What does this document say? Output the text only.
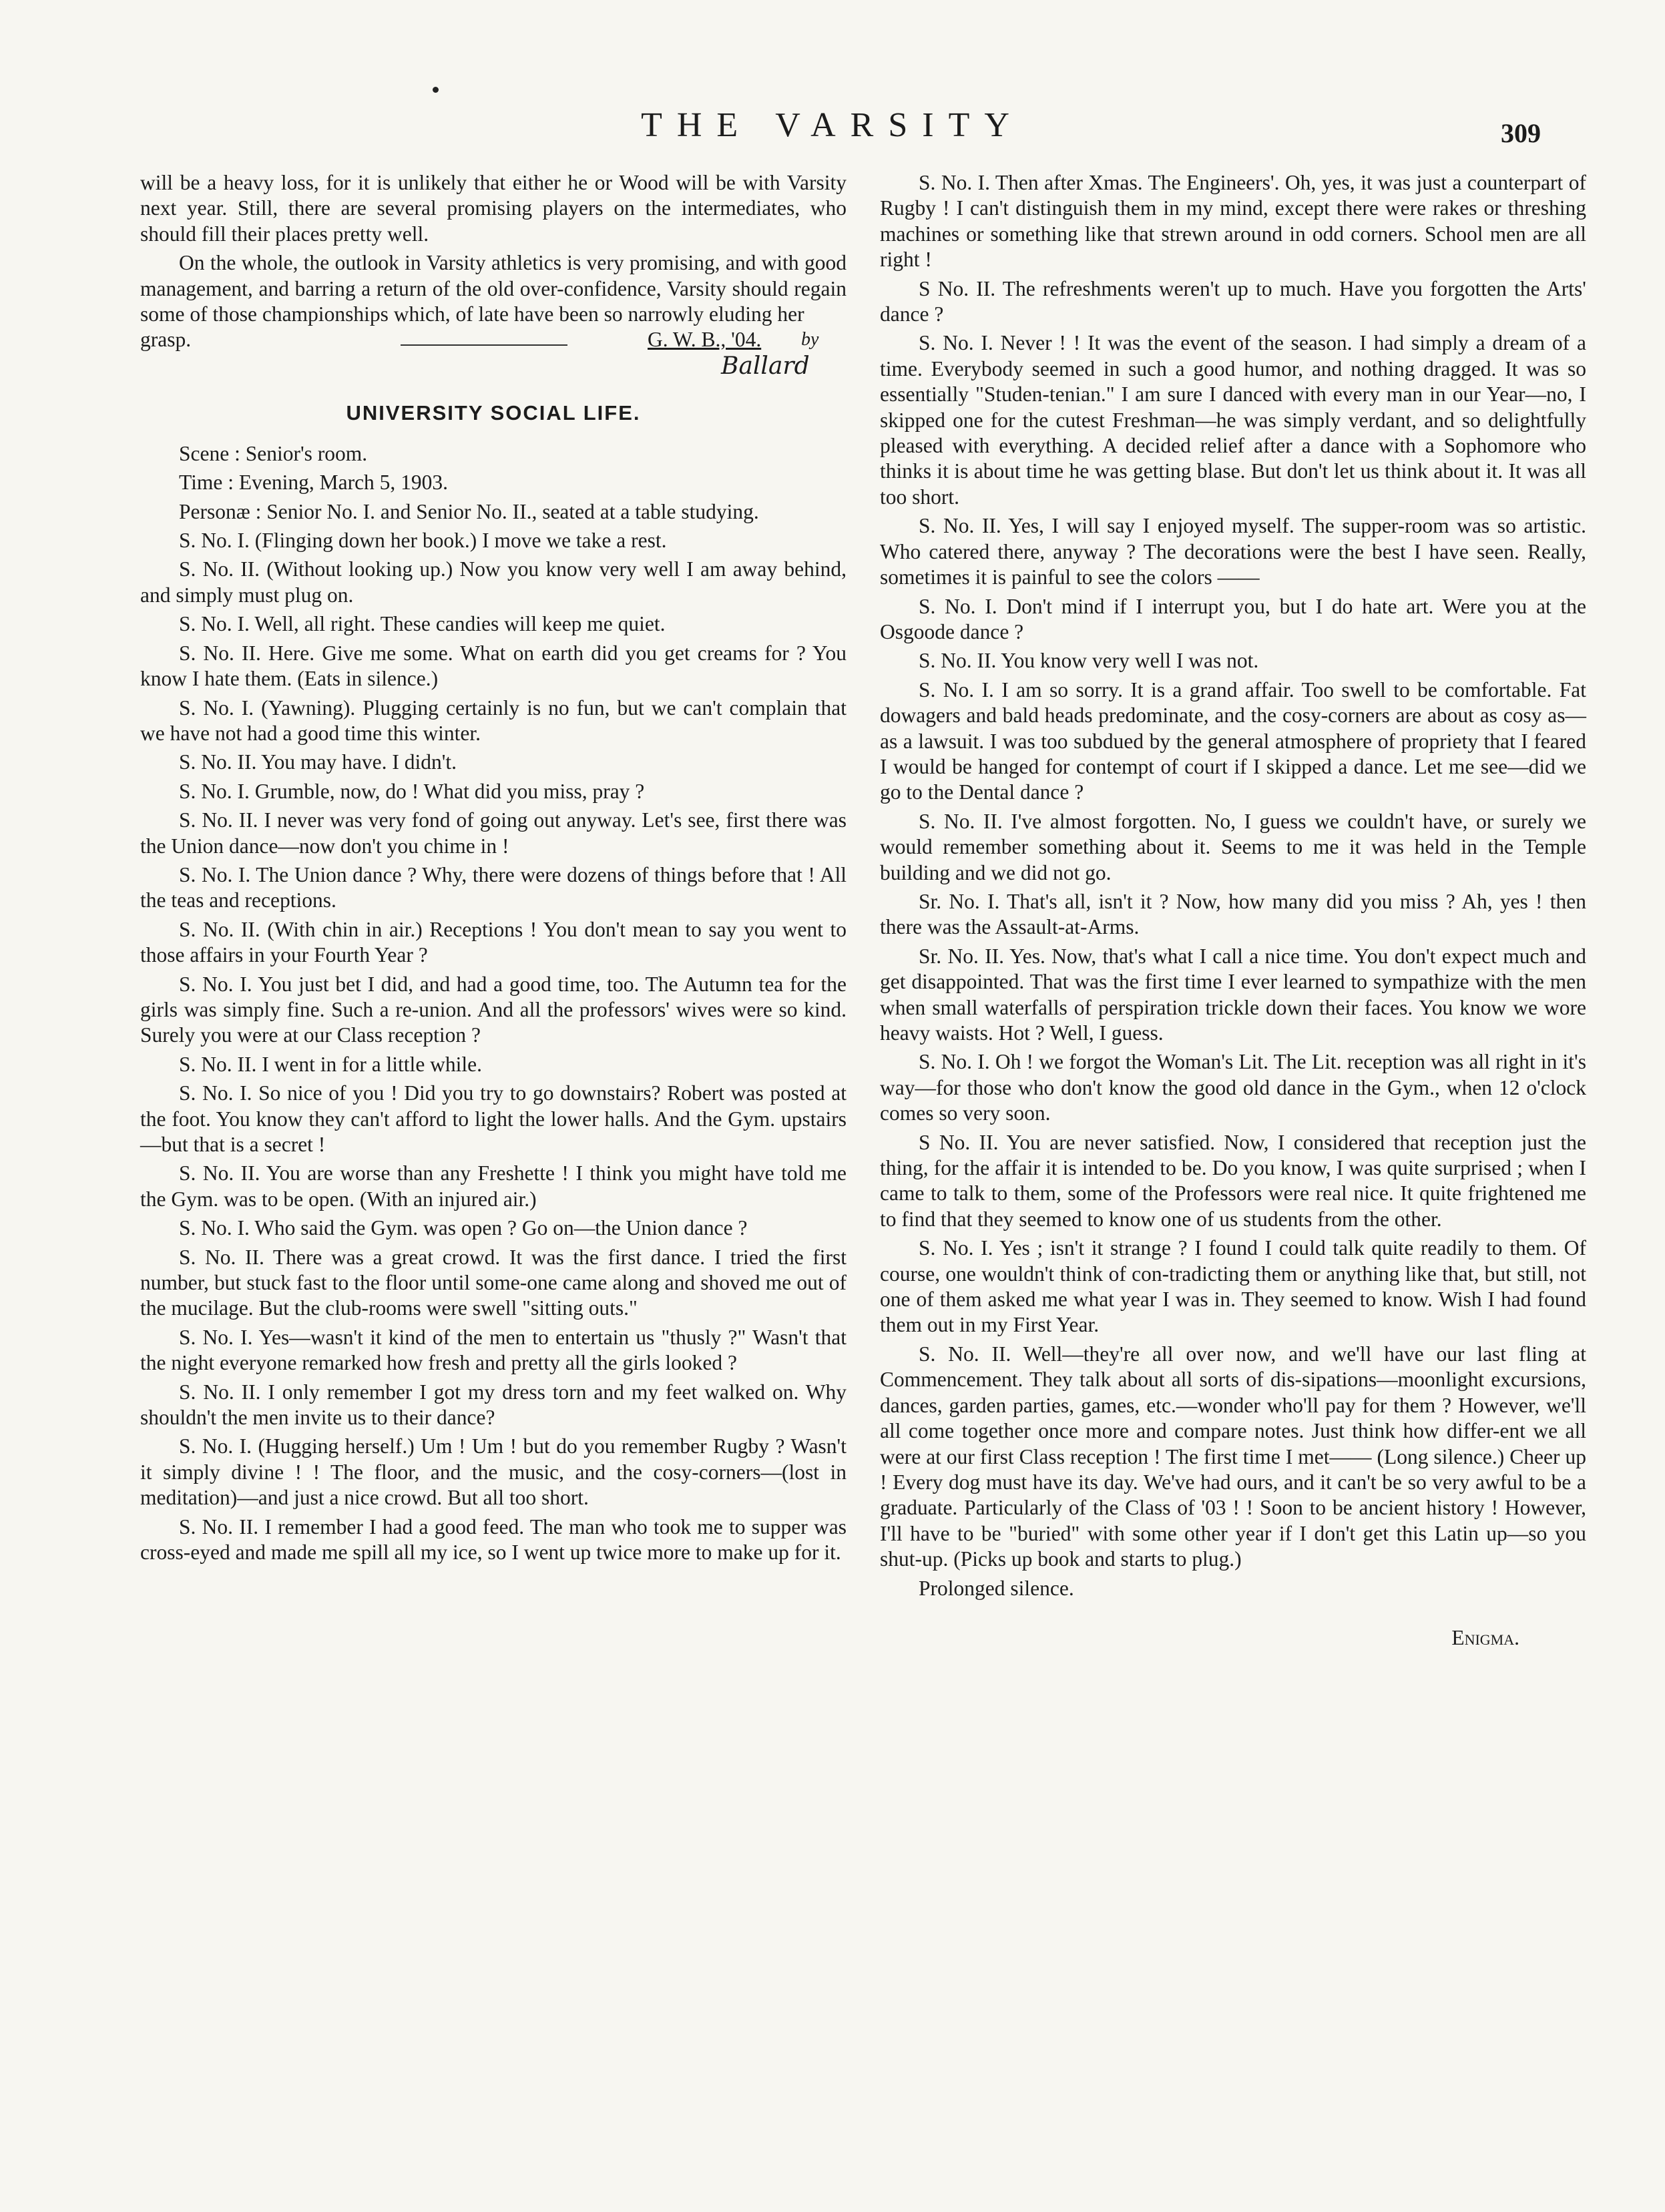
THE VARSITY	309

will be a heavy loss, for it is unlikely that either he or Wood will be with Varsity next year. Still, there are several promising players on the intermediates, who should fill their places pretty well.

On the whole, the outlook in Varsity athletics is very promising, and with good management, and barring a return of the old over-confidence, Varsity should regain some of those championships which, of late have been so narrowly eluding her

grasp.	G. W. B., '04. by
Ballard
UNIVERSITY SOCIAL LIFE.

Scene : Senior's room.

Time : Evening, March 5, 1903.

Personæ : Senior No. I. and Senior No. II., seated at a table studying.

S. No. I. (Flinging down her book.) I move we take a rest.

S. No. II. (Without looking up.) Now you know very well I am away behind, and simply must plug on.

S. No. I. Well, all right. These candies will keep me quiet.

S. No. II. Here. Give me some. What on earth did you get creams for ? You know I hate them. (Eats in silence.)

S. No. I. (Yawning). Plugging certainly is no fun, but we can't complain that we have not had a good time this winter.

S. No. II. You may have. I didn't.

S. No. I. Grumble, now, do ! What did you miss, pray ?

S. No. II. I never was very fond of going out anyway. Let's see, first there was the Union dance—now don't you chime in !

S. No. I. The Union dance ? Why, there were dozens of things before that ! All the teas and receptions.

S. No. II. (With chin in air.) Receptions ! You don't mean to say you went to those affairs in your Fourth Year ?

S. No. I. You just bet I did, and had a good time, too. The Autumn tea for the girls was simply fine. Such a re-union. And all the professors' wives were so kind. Surely you were at our Class reception ?

S. No. II. I went in for a little while.

S. No. I. So nice of you ! Did you try to go downstairs? Robert was posted at the foot. You know they can't afford to light the lower halls. And the Gym. upstairs—but that is a secret !

S. No. II. You are worse than any Freshette ! I think you might have told me the Gym. was to be open. (With an injured air.)

S. No. I. Who said the Gym. was open ? Go on—the Union dance ?

S. No. II. There was a great crowd. It was the first dance. I tried the first number, but stuck fast to the floor until some-one came along and shoved me out of the mucilage. But the club-rooms were swell "sitting outs."

S. No. I. Yes—wasn't it kind of the men to entertain us "thusly ?" Wasn't that the night everyone remarked how fresh and pretty all the girls looked ?

S. No. II. I only remember I got my dress torn and my feet walked on. Why shouldn't the men invite us to their dance?

S. No. I. (Hugging herself.) Um ! Um ! but do you remember Rugby ? Wasn't it simply divine ! ! The floor, and the music, and the cosy-corners—(lost in meditation)—and just a nice crowd. But all too short.

S. No. II. I remember I had a good feed. The man who took me to supper was cross-eyed and made me spill all my ice, so I went up twice more to make up for it.

S. No. I. Then after Xmas. The Engineers'. Oh, yes, it was just a counterpart of Rugby ! I can't distinguish them in my mind, except there were rakes or threshing machines or something like that strewn around in odd corners. School men are all right !

S No. II. The refreshments weren't up to much. Have you forgotten the Arts' dance ?

S. No. I. Never ! ! It was the event of the season. I had simply a dream of a time. Everybody seemed in such a good humor, and nothing dragged. It was so essentially "Studen-tenian." I am sure I danced with every man in our Year—no, I skipped one for the cutest Freshman—he was simply verdant, and so delightfully pleased with everything. A decided relief after a dance with a Sophomore who thinks it is about time he was getting blase. But don't let us think about it. It was all too short.

S. No. II. Yes, I will say I enjoyed myself. The supper-room was so artistic. Who catered there, anyway ? The decorations were the best I have seen. Really, sometimes it is painful to see the colors ——

S. No. I. Don't mind if I interrupt you, but I do hate art. Were you at the Osgoode dance ?

S. No. II. You know very well I was not.

S. No. I. I am so sorry. It is a grand affair. Too swell to be comfortable. Fat dowagers and bald heads predominate, and the cosy-corners are about as cosy as—as a lawsuit. I was too subdued by the general atmosphere of propriety that I feared I would be hanged for contempt of court if I skipped a dance. Let me see—did we go to the Dental dance ?

S. No. II. I've almost forgotten. No, I guess we couldn't have, or surely we would remember something about it. Seems to me it was held in the Temple building and we did not go.

Sr. No. I. That's all, isn't it ? Now, how many did you miss ? Ah, yes ! then there was the Assault-at-Arms.

Sr. No. II. Yes. Now, that's what I call a nice time. You don't expect much and get disappointed. That was the first time I ever learned to sympathize with the men when small waterfalls of perspiration trickle down their faces. You know we wore heavy waists. Hot ? Well, I guess.

S. No. I. Oh ! we forgot the Woman's Lit. The Lit. reception was all right in it's way—for those who don't know the good old dance in the Gym., when 12 o'clock comes so very soon.

S No. II. You are never satisfied. Now, I considered that reception just the thing, for the affair it is intended to be. Do you know, I was quite surprised ; when I came to talk to them, some of the Professors were real nice. It quite frightened me to find that they seemed to know one of us students from the other.

S. No. I. Yes ; isn't it strange ? I found I could talk quite readily to them. Of course, one wouldn't think of con-tradicting them or anything like that, but still, not one of them asked me what year I was in. They seemed to know. Wish I had found them out in my First Year.

S. No. II. Well—they're all over now, and we'll have our last fling at Commencement. They talk about all sorts of dis-sipations—moonlight excursions, dances, garden parties, games, etc.—wonder who'll pay for them ? However, we'll all come together once more and compare notes. Just think how differ-ent we all were at our first Class reception ! The first time I met—— (Long silence.) Cheer up ! Every dog must have its day. We've had ours, and it can't be so very awful to be a graduate. Particularly of the Class of '03 ! ! Soon to be ancient history ! However, I'll have to be "buried" with some other year if I don't get this Latin up—so you shut-up. (Picks up book and starts to plug.)

Prolonged silence.

Enigma.
